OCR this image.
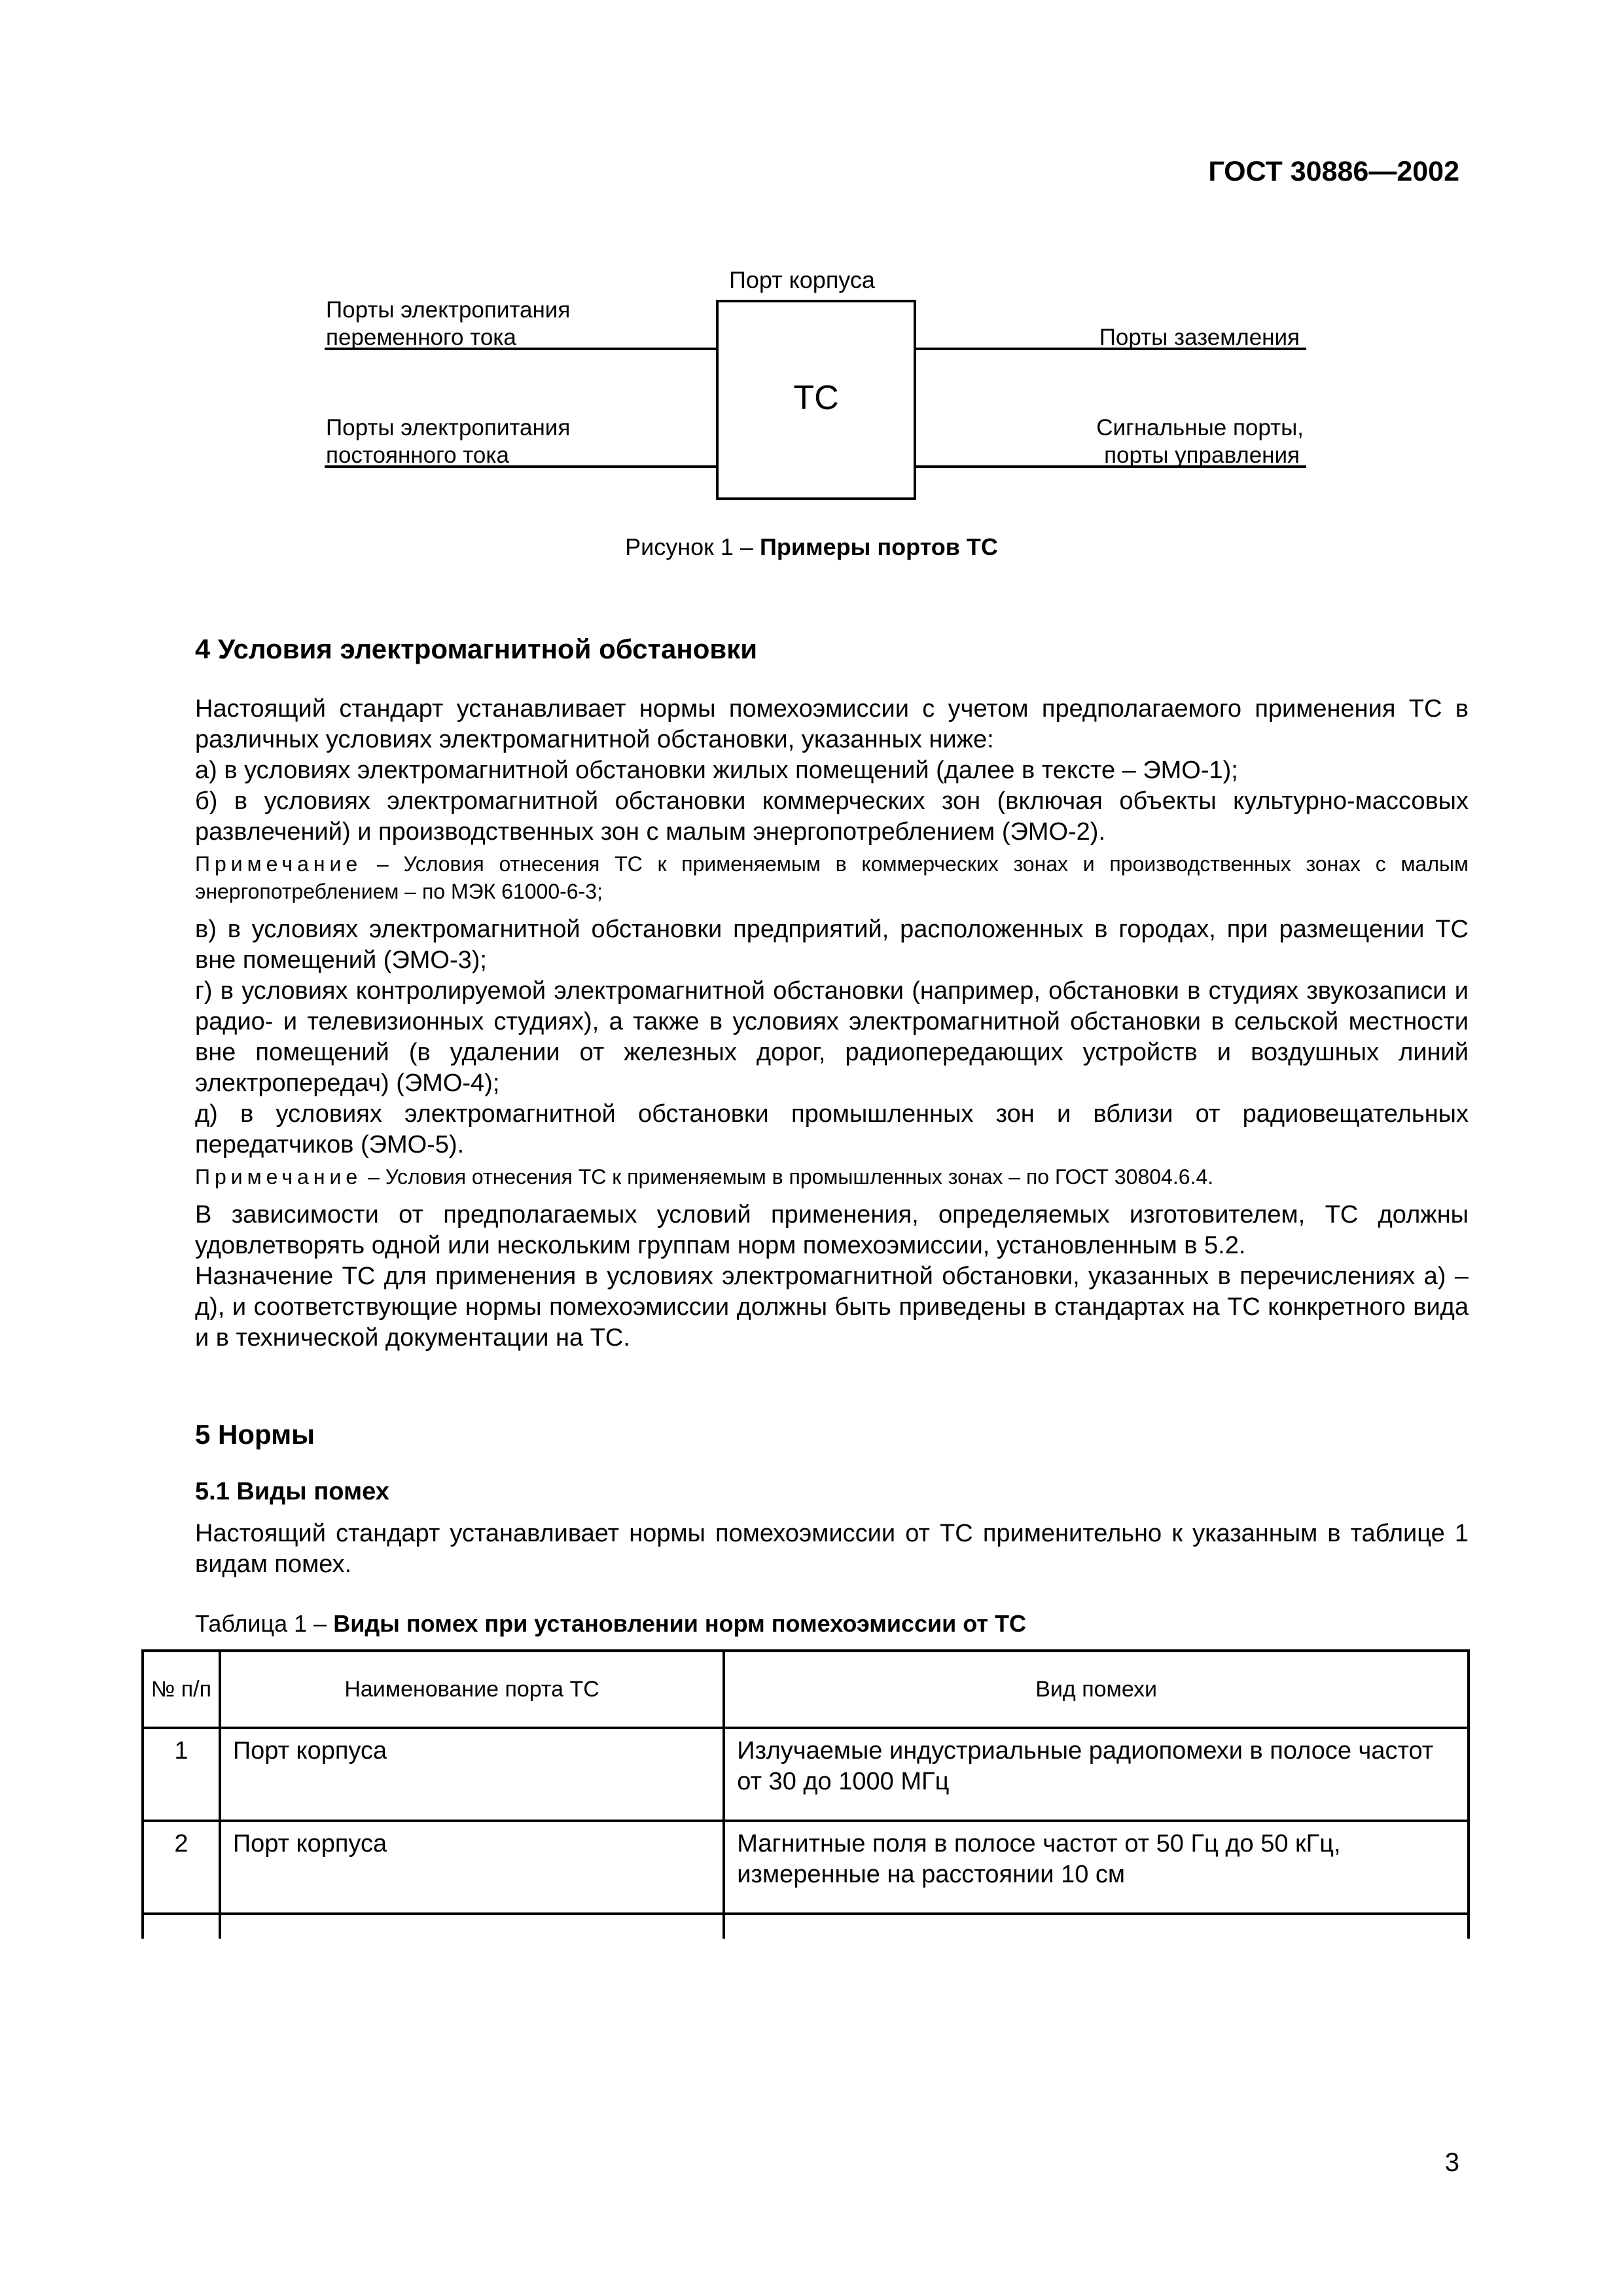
ГОСТ 30886—2002
Порт корпуса
ТС
Порты электропитания
переменного тока
Порты электропитания
постоянного тока
Порты заземления
Сигнальные порты,
порты управления
Рисунок 1 – Примеры портов ТС
4 Условия электромагнитной обстановки

Настоящий стандарт устанавливает нормы помехоэмиссии с учетом предполагаемого применения ТС в различных условиях электромагнитной обстановки, указанных ниже:

а) в условиях электромагнитной обстановки жилых помещений (далее в тексте – ЭМО-1);

б) в условиях электромагнитной обстановки коммерческих зон (включая объекты культурно-массовых развлечений) и производственных зон с малым энергопотреблением (ЭМО-2).

Примечание – Условия отнесения ТС к применяемым в коммерческих зонах и производственных зонах с малым энергопотреблением – по МЭК 61000-6-3;

в) в условиях электромагнитной обстановки предприятий, расположенных в городах, при размещении ТС вне помещений (ЭМО-3);

г) в условиях контролируемой электромагнитной обстановки (например, обстановки в студиях звукозаписи и радио- и телевизионных студиях), а также в условиях электромагнитной обстановки в сельской местности вне помещений (в удалении от железных дорог, радиопередающих устройств и воздушных линий электропередач) (ЭМО-4);

д) в условиях электромагнитной обстановки промышленных зон и вблизи от радиовещательных передатчиков (ЭМО-5).

Примечание – Условия отнесения ТС к применяемым в промышленных зонах – по ГОСТ 30804.6.4.

В зависимости от предполагаемых условий применения, определяемых изготовителем, ТС должны удовлетворять одной или нескольким группам норм помехоэмиссии, установленным в 5.2.

Назначение ТС для применения в условиях электромагнитной обстановки, указанных в перечислениях а) – д), и соответствующие нормы помехоэмиссии должны быть приведены в стандартах на ТС конкретного вида и в технической документации на ТС.

5 Нормы
5.1 Виды помех
Настоящий стандарт устанавливает нормы помехоэмиссии от ТС применительно к указанным в таблице 1 видам помех.
Таблица 1 – Виды помех при установлении норм помехоэмиссии от ТС
№ п/п	Наименование порта ТС	Вид помехи
1	Порт корпуса	Излучаемые индустриальные радиопомехи в полосе частот от 30 до 1000 МГц
2	Порт корпуса	Магнитные поля в полосе частот от 50 Гц до 50 кГц, измеренные на расстоянии 10 см

3
